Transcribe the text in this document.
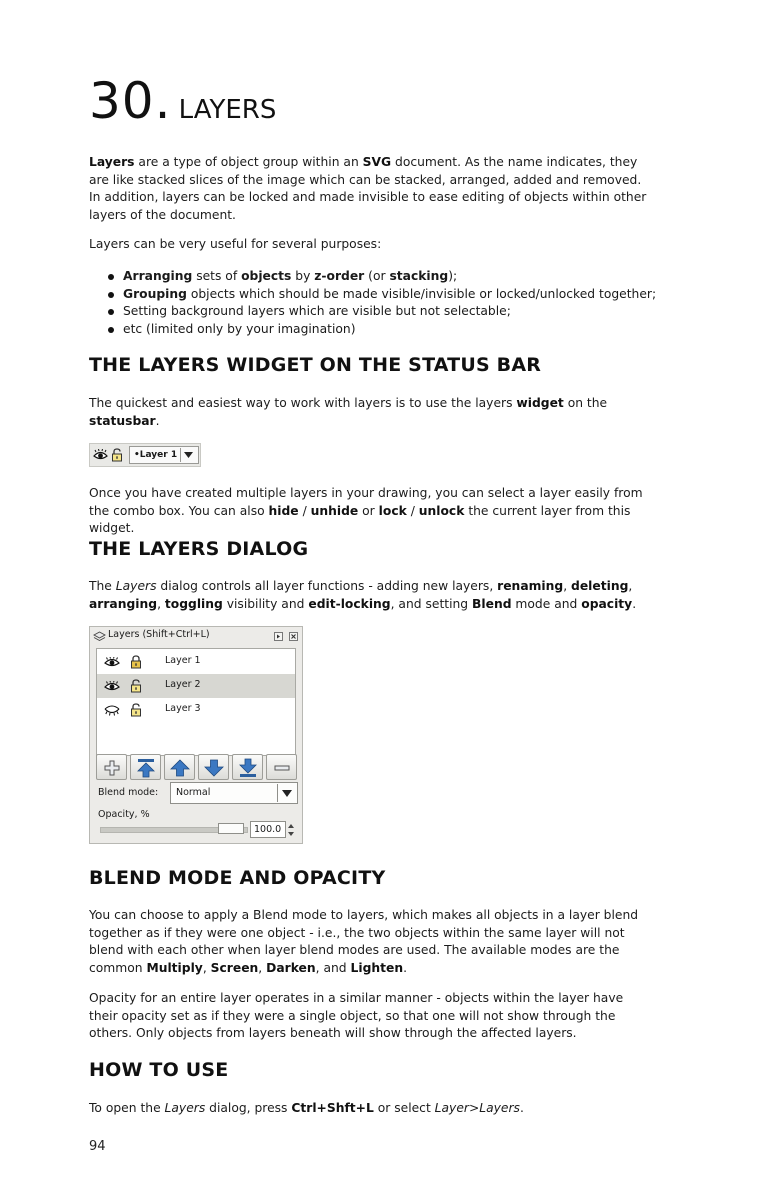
30. LAYERS

Layers are a type of object group within an SVG document. As the name indicates, they are like stacked slices of the image which can be stacked, arranged, added and removed. In addition, layers can be locked and made invisible to ease editing of objects within other layers of the document.

Layers can be very useful for several purposes:

Arranging sets of objects by z-order (or stacking);
Grouping objects which should be made visible/invisible or locked/unlocked together;
Setting background layers which are visible but not selectable;
etc (limited only by your imagination)
THE LAYERS WIDGET ON THE STATUS BAR

The quickest and easiest way to work with layers is to use the layers widget on the statusbar.

•Layer 1

Once you have created multiple layers in your drawing, you can select a layer easily from the combo box. You can also hide / unhide or lock / unlock the current layer from this widget.

THE LAYERS DIALOG

The Layers dialog controls all layer functions - adding new layers, renaming, deleting, arranging, toggling visibility and edit-locking, and setting Blend mode and opacity.

Layers (Shift+Ctrl+L)
Layer 1
Layer 2
Layer 3
Blend mode: Normal
Opacity, %
100.0
BLEND MODE AND OPACITY

You can choose to apply a Blend mode to layers, which makes all objects in a layer blend together as if they were one object - i.e., the two objects within the same layer will not blend with each other when layer blend modes are used. The available modes are the common Multiply, Screen, Darken, and Lighten.

Opacity for an entire layer operates in a similar manner - objects within the layer have their opacity set as if they were a single object, so that one will not show through the others. Only objects from layers beneath will show through the affected layers.

HOW TO USE

To open the Layers dialog, press Ctrl+Shft+L or select Layer>Layers.

94
